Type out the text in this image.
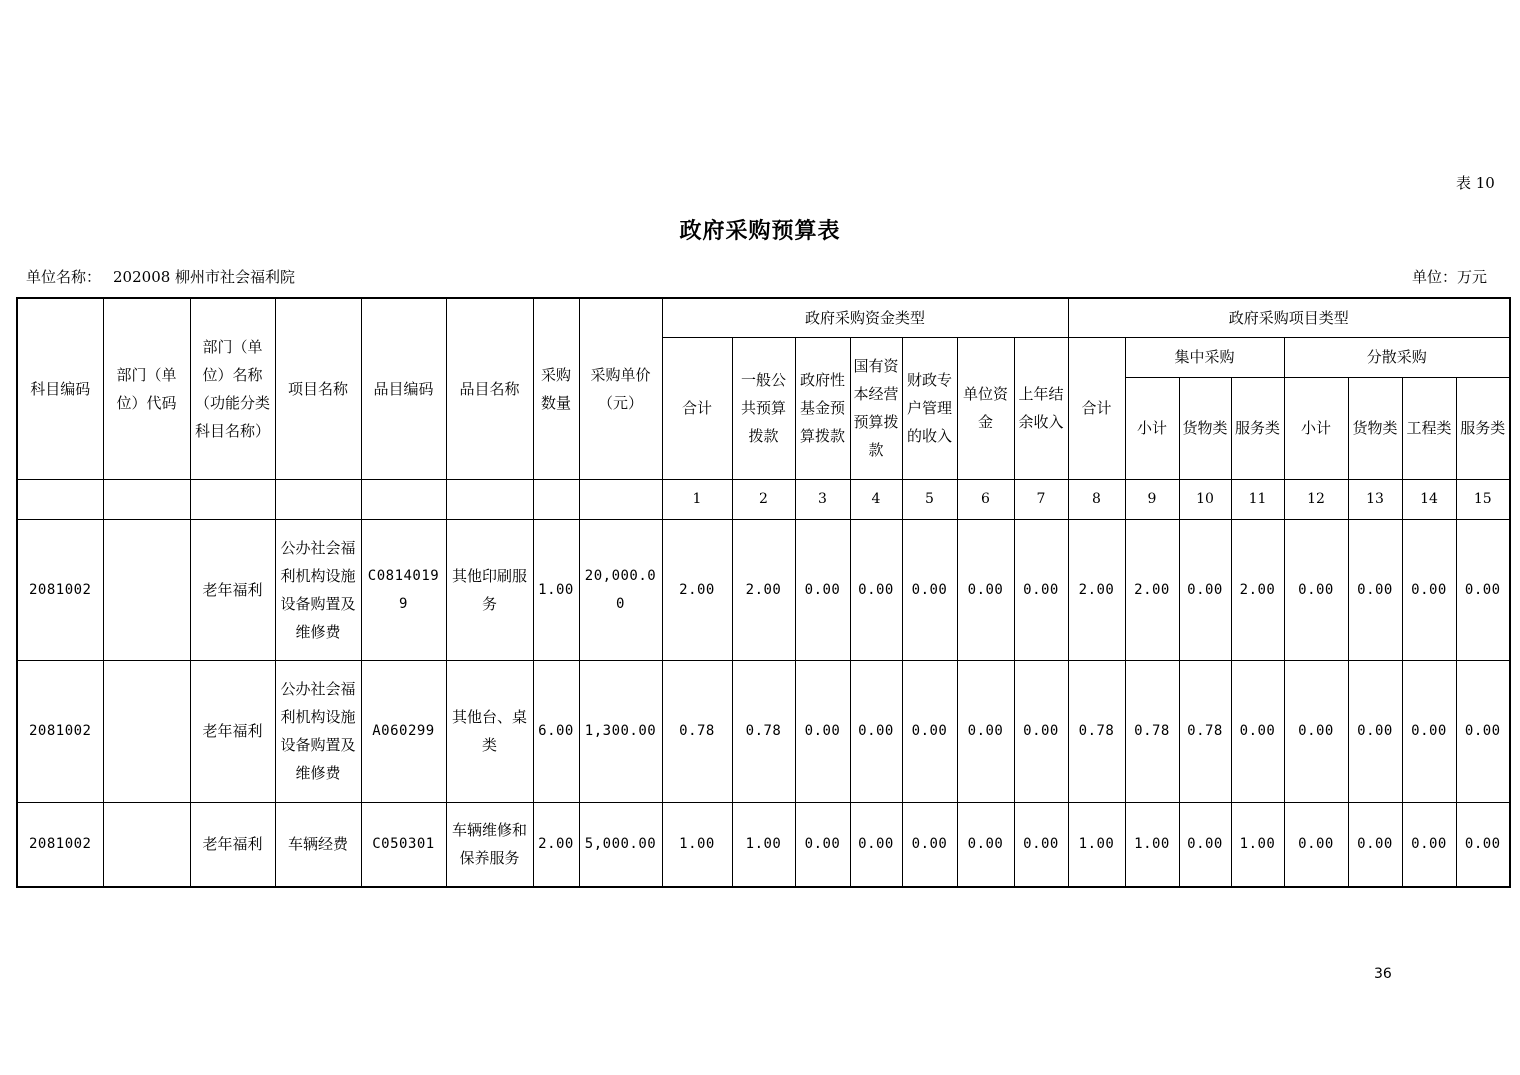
表 10
政府采购预算表
单位名称： 202008 柳州市社会福利院	单位：万元
科目编码	部门（单位）代码	部门（单位）名称（功能分类科目名称）	项目名称	品目编码	品目名称	采购数量	采购单价（元）	政府采购资金类型							政府采购项目类型							
								合计	一般公共预算拨款	政府性基金预算拨款	国有资本经营预算拨款	财政专户管理的收入	单位资金	上年结余收入	合计	集中采购			分散采购			
																小计	货物类	服务类	小计	货物类	工程类	服务类
								1	2	3	4	5	6	7	8	9	10	11	12	13	14	15
2081002		老年福利	公办社会福利机构设施设备购置及维修费	C08140199	其他印刷服务	1.00	20,000.00	2.00	2.00	0.00	0.00	0.00	0.00	0.00	2.00	2.00	0.00	2.00	0.00	0.00	0.00	0.00
2081002		老年福利	公办社会福利机构设施设备购置及维修费	A060299	其他台、桌类	6.00	1,300.00	0.78	0.78	0.00	0.00	0.00	0.00	0.00	0.78	0.78	0.78	0.00	0.00	0.00	0.00	0.00
2081002		老年福利	车辆经费	C050301	车辆维修和保养服务	2.00	5,000.00	1.00	1.00	0.00	0.00	0.00	0.00	0.00	1.00	1.00	0.00	1.00	0.00	0.00	0.00	0.00
36
